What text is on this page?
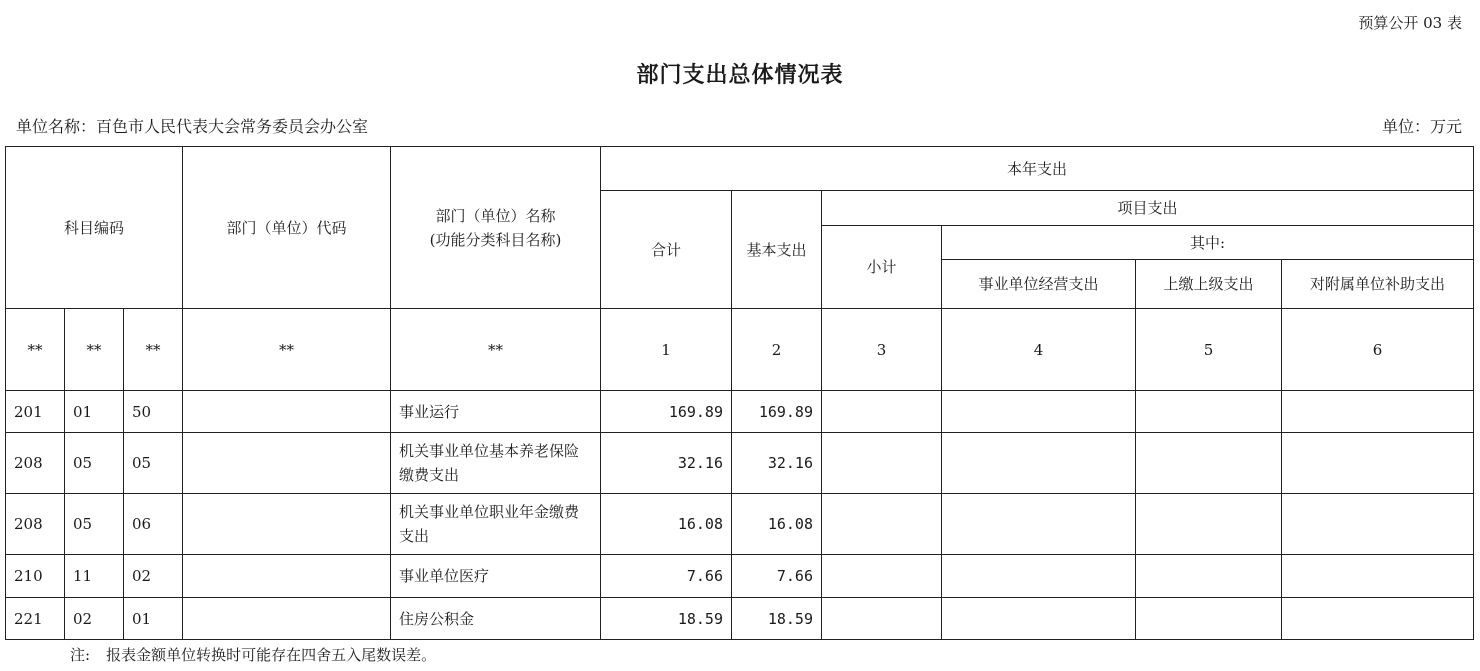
预算公开 03 表
部门支出总体情况表
单位名称：百色市人民代表大会常务委员会办公室	单位：万元
科目编码			部门（单位）代码	部门（单位）名称
(功能分类科目名称)	本年支出					
					合计	基本支出	项目支出			
							小计	其中:		
								事业单位经营支出	上缴上级支出	对附属单位补助支出
**	**	**	**	**	1	2	3	4	5	6
201	01	50		事业运行	169.89	169.89				
208	05	05		机关事业单位基本养老保险缴费支出	32.16	32.16				
208	05	06		机关事业单位职业年金缴费支出	16.08	16.08				
210	11	02		事业单位医疗	7.66	7.66				
221	02	01		住房公积金	18.59	18.59				
注: 报表金额单位转换时可能存在四舍五入尾数误差。
